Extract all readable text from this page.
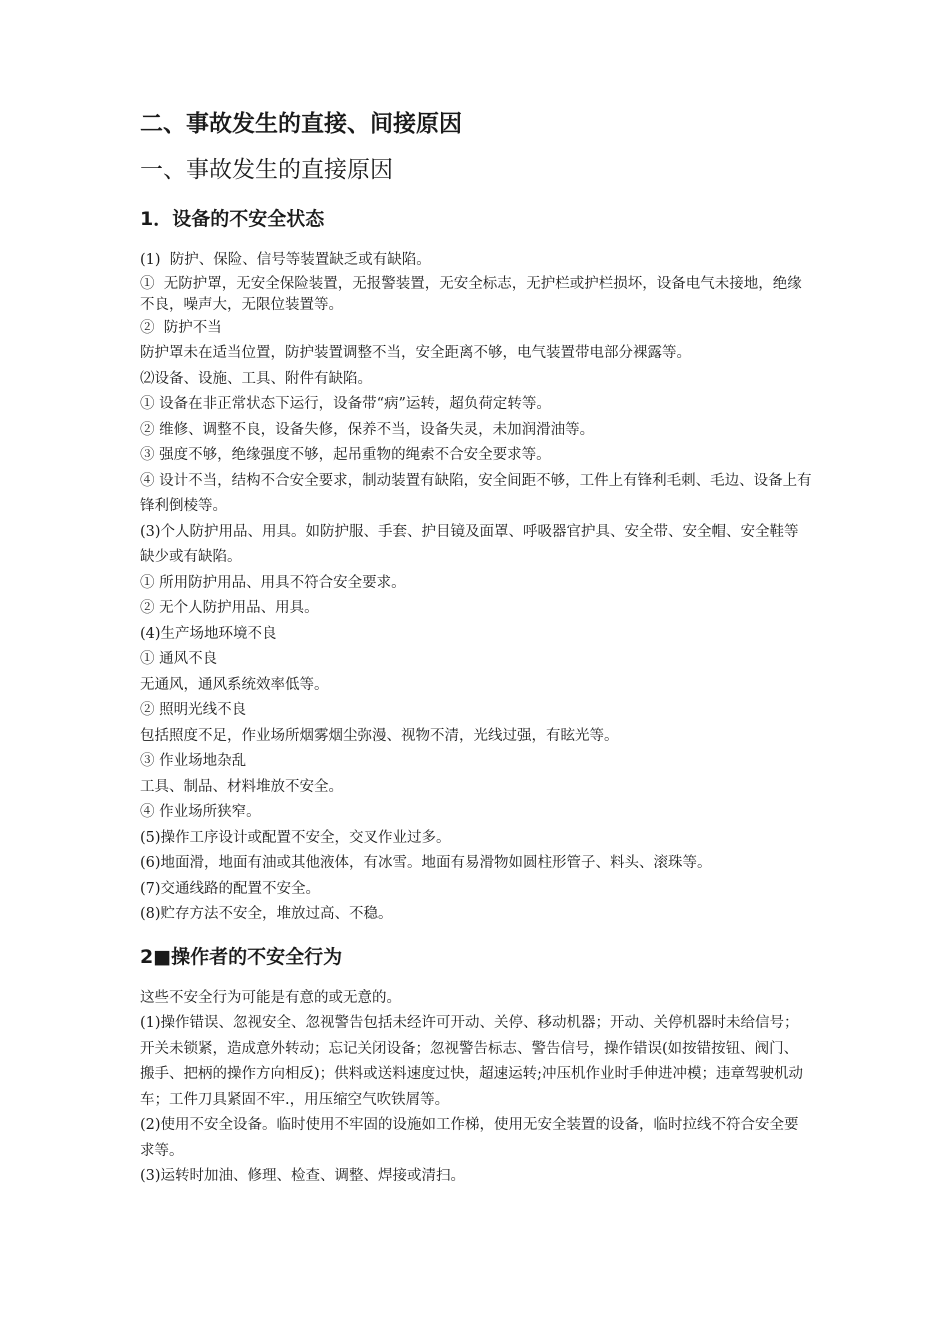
二、事故发生的直接、间接原因
一、事故发生的直接原因
1．设备的不安全状态

(1)  防护、保险、信号等装置缺乏或有缺陷。

①  无防护罩，无安全保险装置，无报警装置，无安全标志，无护栏或护栏损坏，设备电气未接地，绝缘不良，噪声大，无限位装置等。

②  防护不当

防护罩未在适当位置，防护装置调整不当，安全距离不够，电气装置带电部分裸露等。

⑵设备、设施、工具、附件有缺陷。

① 设备在非正常状态下运行，设备带“病”运转，超负荷定转等。

② 维修、调整不良，设备失修，保养不当，设备失灵，未加润滑油等。

③ 强度不够，绝缘强度不够，起吊重物的绳索不合安全要求等。

④ 设计不当，结构不合安全要求，制动装置有缺陷，安全间距不够，工件上有锋利毛刺、毛边、设备上有锋利倒棱等。

(3)个人防护用品、用具。如防护服、手套、护目镜及面罩、呼吸器官护具、安全带、安全帽、安全鞋等缺少或有缺陷。

① 所用防护用品、用具不符合安全要求。

② 无个人防护用品、用具。

(4)生产场地环境不良

① 通风不良

无通风，通风系统效率低等。

② 照明光线不良

包括照度不足，作业场所烟雾烟尘弥漫、视物不清，光线过强，有眩光等。

③ 作业场地杂乱

工具、制品、材料堆放不安全。

④ 作业场所狭窄。

(5)操作工序设计或配置不安全，交叉作业过多。

(6)地面滑，地面有油或其他液体，有冰雪。地面有易滑物如圆柱形管子、料头、滚珠等。

(7)交通线路的配置不安全。

(8)贮存方法不安全，堆放过高、不稳。

2■操作者的不安全行为

这些不安全行为可能是有意的或无意的。

(1)操作错误、忽视安全、忽视警告包括未经许可开动、关停、移动机器；开动、关停机器时未给信号；开关未锁紧，造成意外转动；忘记关闭设备；忽视警告标志、警告信号，操作错误(如按错按钮、阀门、搬手、把柄的操作方向相反)；供料或送料速度过快，超速运转;冲压机作业时手伸进冲模；违章驾驶机动车；工件刀具紧固不牢.，用压缩空气吹铁屑等。

(2)使用不安全设备。临时使用不牢固的设施如工作梯，使用无安全装置的设备，临时拉线不符合安全要求等。

(3)运转时加油、修理、检查、调整、焊接或清扫。
